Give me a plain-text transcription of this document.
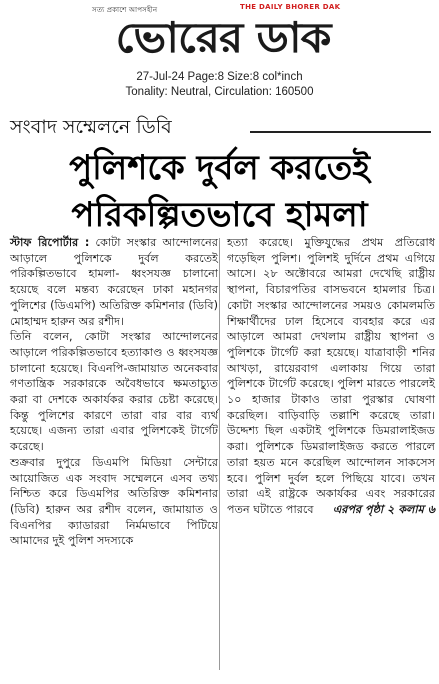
সত্য প্রকাশে আপসহীন	THE DAILY BHORER DAK
ভোরের ডাক
27-Jul-24 Page:8 Size:8 col*inch
Tonality: Neutral, Circulation: 160500
সংবাদ সম্মেলনে ডিবি
পুলিশকে দুর্বল করতেই
পরিকল্পিতভাবে হামলা

স্টাফ রিপোর্টার : কোটা সংস্কার আন্দোলনের আড়ালে পুলিশকে দুর্বল করতেই পরিকল্পিতভাবে হামলা- ধ্বংসযজ্ঞ চালানো হয়েছে বলে মন্তব্য করেছেন ঢাকা মহানগর পুলিশের (ডিএমপি) অতিরিক্ত কমিশনার (ডিবি) মোহাম্মদ হারুন অর রশীদ।

তিনি বলেন, কোটা সংস্কার আন্দোলনের আড়ালে পরিকল্পিতভাবে হত্যাকাণ্ড ও ধ্বংসযজ্ঞ চালানো হয়েছে। বিএনপি-জামায়াত অনেকবার গণতান্ত্রিক সরকারকে অবৈধভাবে ক্ষমতাচ্যুত করা বা দেশকে অকার্যকর করার চেষ্টা করেছে। কিন্তু পুলিশের কারণে তারা বার বার ব্যর্থ হয়েছে। এজন্য তারা এবার পুলিশকেই টার্গেট করেছে।

শুক্রবার দুপুরে ডিএমপি মিডিয়া সেন্টারে আয়োজিত এক সংবাদ সম্মেলনে এসব তথ্য নিশ্চিত করে ডিএমপির অতিরিক্ত কমিশনার (ডিবি) হারুন অর রশীদ বলেন, জামায়াত ও বিএনপির ক্যাডাররা নির্মমভাবে পিটিয়ে আমাদের দুই পুলিশ সদস্যকে

হত্যা করেছে। মুক্তিযুদ্ধের প্রথম প্রতিরোধ গড়েছিল পুলিশ। পুলিশই দুর্দিনে প্রথম এগিয়ে আসে। ২৮ অক্টোবরে আমরা দেখেছি রাষ্ট্রীয় স্থাপনা, বিচারপতির বাসভবনে হামলার চিত্র। কোটা সংস্কার আন্দোলনের সময়ও কোমলমতি শিক্ষার্থীদের ঢাল হিসেবে ব্যবহার করে এর আড়ালে আমরা দেখলাম রাষ্ট্রীয় স্থাপনা ও পুলিশকে টার্গেট করা হয়েছে। যাত্রাবাড়ী শনির আখড়া, রায়েরবাগ এলাকায় গিয়ে তারা পুলিশকে টার্গেট করেছে। পুলিশ মারতে পারলেই ১০ হাজার টাকাও তারা পুরস্কার ঘোষণা করেছিল। বাড়িবাড়ি তল্লাশি করেছে তারা। উদ্দেশ্য ছিল একটাই পুলিশকে ডিমরালাইজড করা। পুলিশকে ডিমরালাইজড করতে পারলে তারা হয়ত মনে করেছিল আন্দোলন সাকসেস হবে। পুলিশ দুর্বল হলে পিছিয়ে যাবে। তখন তারা এই রাষ্ট্রকে অকার্যকর এবং সরকারের পতন ঘটাতে পারবে এরপর পৃষ্ঠা ২ কলাম ৬
